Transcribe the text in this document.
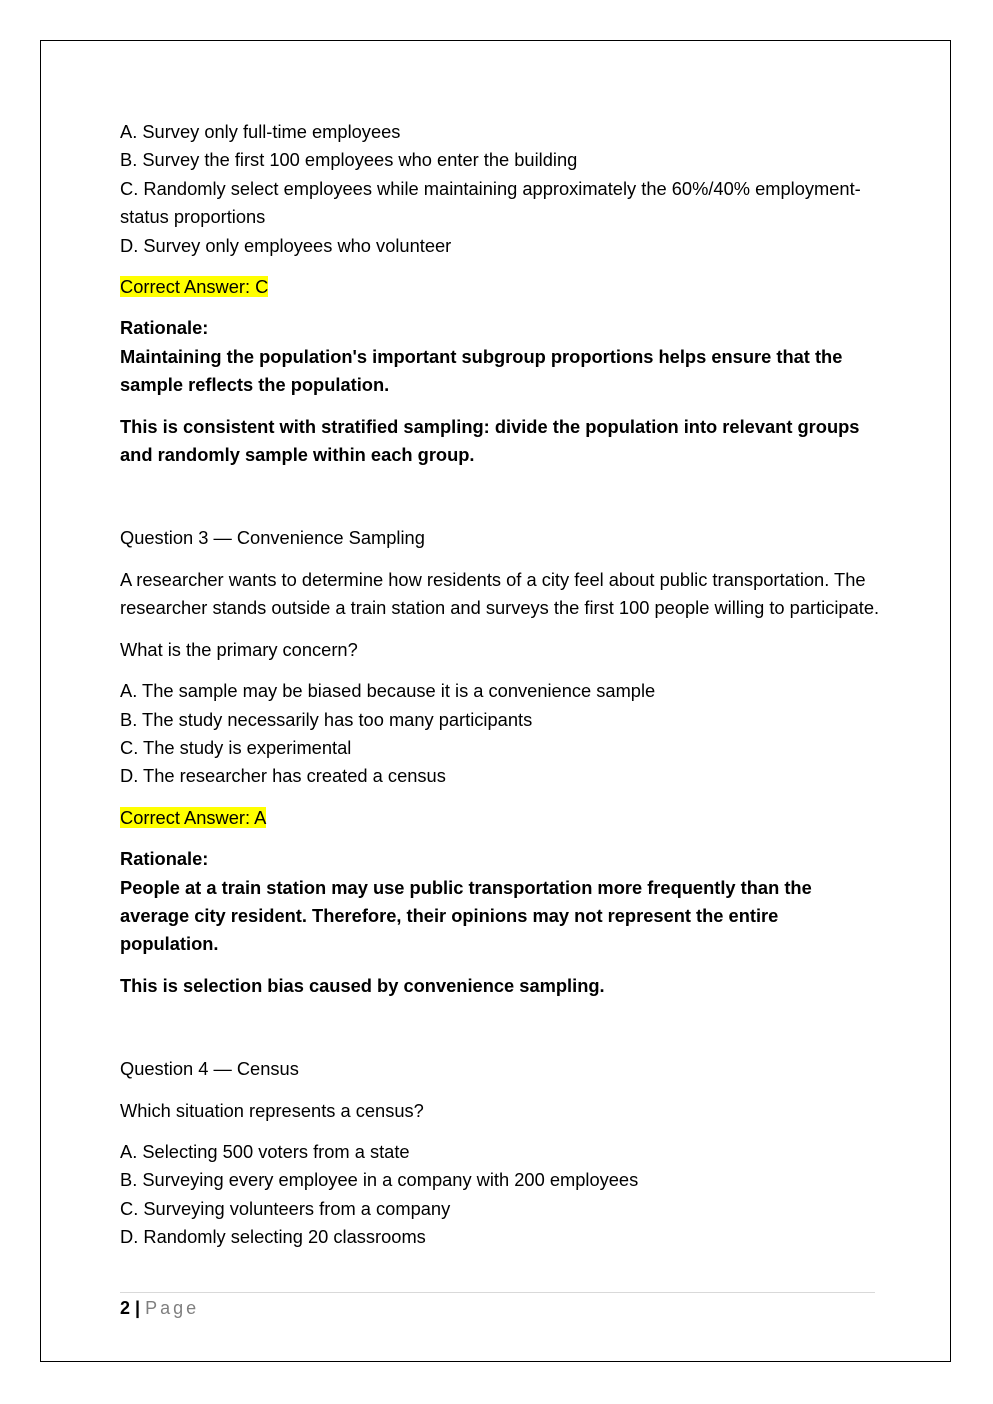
A. Survey only full-time employees
B. Survey the first 100 employees who enter the building
C. Randomly select employees while maintaining approximately the 60%/40% employment-status proportions
D. Survey only employees who volunteer
Correct Answer: C
Rationale:
Maintaining the population's important subgroup proportions helps ensure that the sample reflects the population.
This is consistent with stratified sampling: divide the population into relevant groups and randomly sample within each group.
Question 3 — Convenience Sampling
A researcher wants to determine how residents of a city feel about public transportation. The researcher stands outside a train station and surveys the first 100 people willing to participate.
What is the primary concern?
A. The sample may be biased because it is a convenience sample
B. The study necessarily has too many participants
C. The study is experimental
D. The researcher has created a census
Correct Answer: A
Rationale:
People at a train station may use public transportation more frequently than the average city resident. Therefore, their opinions may not represent the entire population.
This is selection bias caused by convenience sampling.
Question 4 — Census
Which situation represents a census?
A. Selecting 500 voters from a state
B. Surveying every employee in a company with 200 employees
C. Surveying volunteers from a company
D. Randomly selecting 20 classrooms
2 | Page
